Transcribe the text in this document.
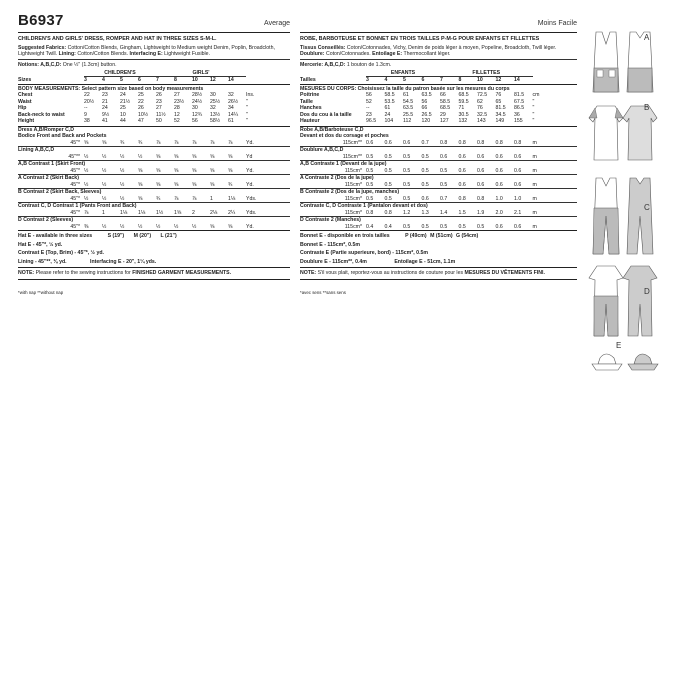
B6937	Average
CHILDREN'S AND GIRLS' DRESS, ROMPER AND HAT IN THREE SIZES S-M-L.
Suggested Fabrics: Cotton/Cotton Blends, Gingham, Lightweight to Medium weight Denim, Poplin, Broadcloth, Lightweight Twill. Lining: Cotton/Cotton Blends. Interfacing E: Lightweight Fusible.
Notions: A,B,C,D: One ½" (1.3cm) button.
CHILDREN'S	GIRLS'
Sizes	3	4	5	6	7	8	10	12	14
BODY MEASUREMENTS: Select pattern size based on body measurements
Chest	22	23	24	25	26	27	28½	30	32	Ins.
Waist	20½	21	21½	22	23	23½	24½	25½	26½	"
Hip	--	24	25	26	27	28	30	32	34	"
Back-neck to waist	9	9½	10	10½	11½	12	12¾	13½	14¼	"
Height	38	41	44	47	50	52	56	58½	61	"
Dress A,B/Romper C,D
Bodice Front and Back and Pockets
45"* ⅝	⅝	¾	¾	⅞	⅞	⅞	⅞	⅞	Yd.
Lining A,B,C,D
45"** ½	½	½	½	⅝	⅝	⅝	⅝	⅝	Yd
A,B Contrast 1 (Skirt Front)
45"* ½	½	½	⅝	⅝	⅝	⅝	⅝	⅝	Yd.
A Contrast 2 (Skirt Back)
45"* ½	½	½	⅝	⅝	⅝	⅝	⅝	¾	Yd.
B Contrast 2 (Skirt Back, Sleeves)
45"* ½	½	½	⅝	¾	⅞	⅞	1	1⅛	Yds.
Contrast C, D Contrast 1 (Pants Front and Back)
45"* ⅞	1	1⅛	1⅛	1½	1⅝	2	2⅛	2¼	Yds.
D Contrast 2 (Sleeves)
45"* ⅜	½	½	½	½	½	½	⅝	⅝	Yd.
Hat E - available in three sizes	S (19") M (20") L (21")
Hat E - 45"*, ½ yd.
Contrast E (Top, Brim) - 45"*, ½ yd.
Lining - 45"**, ⅜ yd.	Interfacing E - 20", 1¼ yds.
NOTE: Please refer to the sewing instructions for FINISHED GARMENT MEASUREMENTS.
*with nap **without nap
Moins Facile
ROBE, BARBOTEUSE ET BONNET EN TROIS TAILLES P-M-G POUR ENFANTS ET FILLETTES
Tissus Conseillés: Coton/Cotonnades, Vichy, Denim de poids léger à moyen, Popeline, Broadcloth, Twill léger. Doublure: Coton/Cotonnades. Entoilage E: Thermocollant léger.
Mercerie: A,B,C,D: 1 bouton de 1.3cm.
ENFANTS	FILLETTES
Tailles	3	4	5	6	7	8	10	12	14
MESURES DU CORPS: Choisissez la taille du patron basée sur les mesures du corps
Poitrine	56	58.5	61	63.5	66	68.5	72.5	76	81.5	cm
Taille	52	53.5	54.5	56	58.5	59.5	62	65	67.5	"
Hanches	--	61	63.5	66	68.5	71	76	81.5	86.5	"
Dos du cou à la taille	23	24	25.5	26.5	29	30.5	32.5	34.5	36	"
Hauteur	96.5	104	112	120	127	132	143	149	155	"
Robe A,B/Barboteuse C,D
Devant et dos du corsage et poches
115cm** 0.6	0.6	0.6	0.7	0.8	0.8	0.8	0.8	0.8	m
Doublure A,B,C,D
115cm** 0.5	0.5	0.5	0.5	0.6	0.6	0.6	0.6	0.6	m
A,B Contraste 1 (Devant de la jupe)
115cm* 0.5	0.5	0.5	0.5	0.5	0.6	0.6	0.6	0.6	m
A Contraste 2 (Dos de la jupe)
115cm* 0.5	0.5	0.5	0.5	0.5	0.6	0.6	0.6	0.6	m
B Contraste 2 (Dos de la jupe, manches)
115cm* 0.5	0.5	0.5	0.6	0.7	0.8	0.8	1.0	1.0	m
Contraste C, D Contraste 1 (Pantalon devant et dos)
115cm* 0.8	0.8	1.2	1.3	1.4	1.5	1.9	2.0	2.1	m
D Contraste 2 (Manches)
115cm* 0.4	0.4	0.5	0.5	0.5	0.5	0.5	0.6	0.6	m
Bonnet E - disponible en trois tailles	P (49cm) M (51cm) G (54cm)
Bonnet E - 115cm*, 0.5m
Contraste E (Partie superieure, bord) - 115cm*, 0.5m
Doublure E - 115cm**, 0.4m	Entoilage E - 51cm, 1.1m
NOTE: S'il vous plait, reportez-vous au instructions de couture pour les MESURES DU VÊTEMENTS FINI.
*avec sens **sans sens
A
B
C
D
E
